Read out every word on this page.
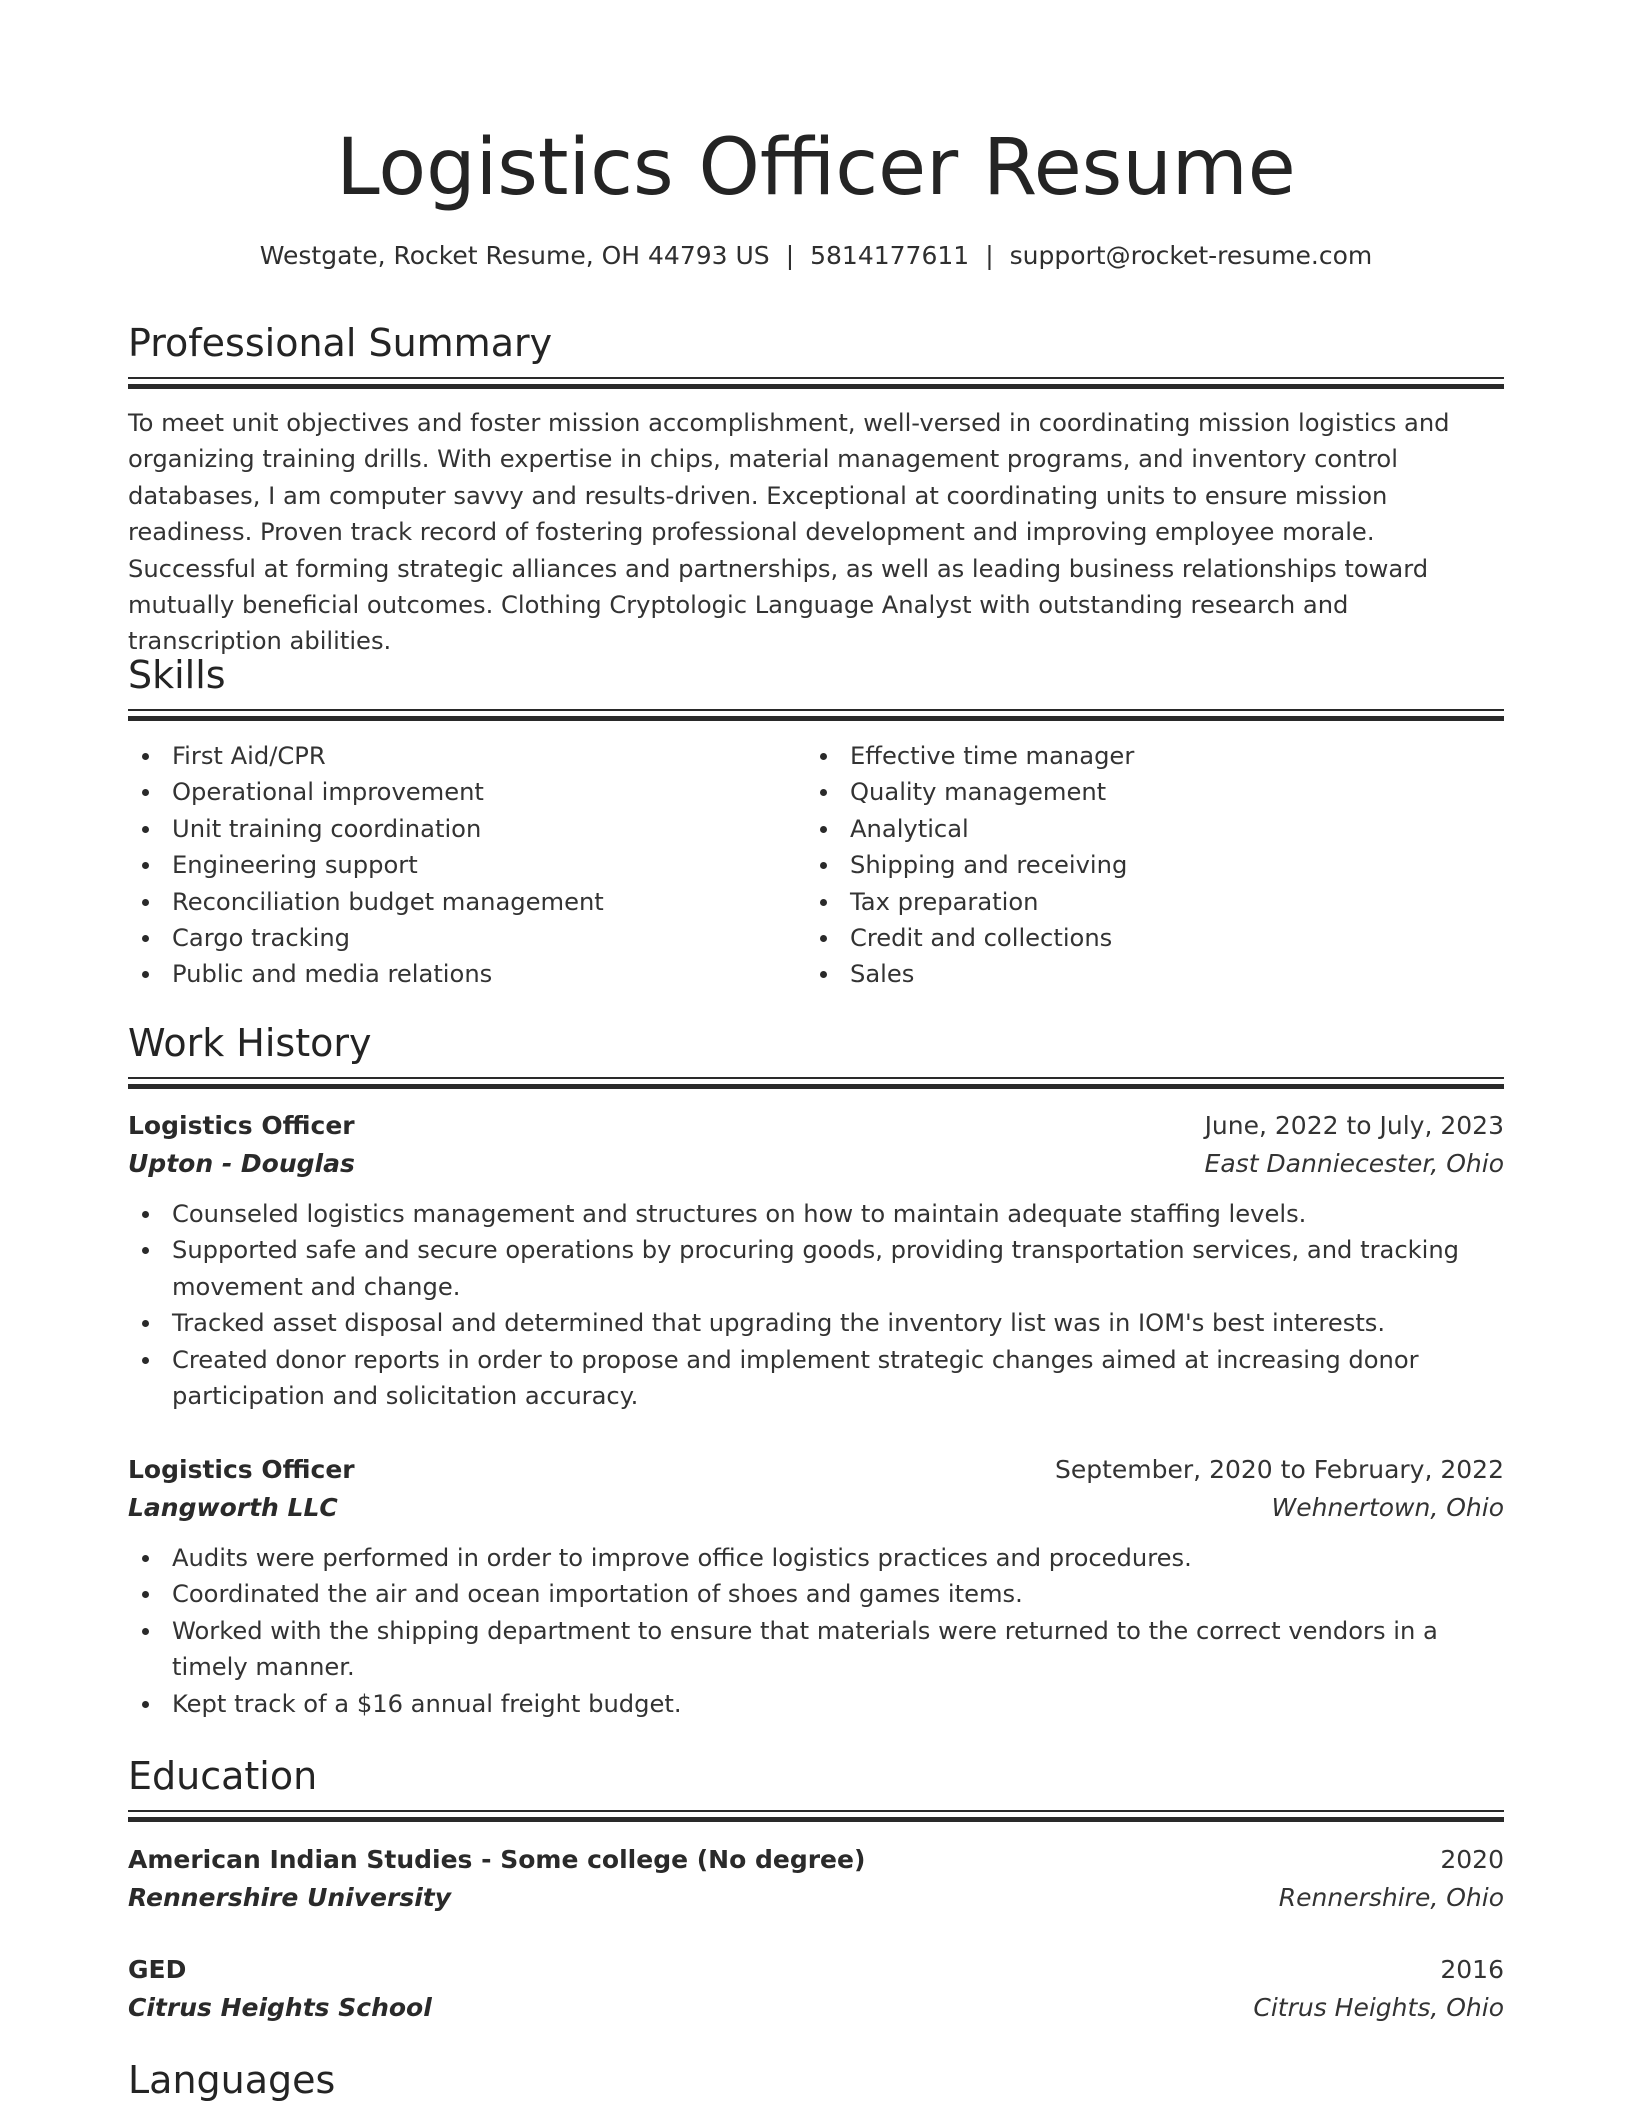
Logistics Officer Resume
Westgate, Rocket Resume, OH 44793 US | 5814177611 | support@rocket-resume.com
Professional Summary

To meet unit objectives and foster mission accomplishment, well-versed in coordinating mission logistics and organizing training drills. With expertise in chips, material management programs, and inventory control databases, I am computer savvy and results-driven. Exceptional at coordinating units to ensure mission readiness. Proven track record of fostering professional development and improving employee morale. Successful at forming strategic alliances and partnerships, as well as leading business relationships toward mutually beneficial outcomes. Clothing Cryptologic Language Analyst with outstanding research and transcription abilities.

Skills
First Aid/CPR
Operational improvement
Unit training coordination
Engineering support
Reconciliation budget management
Cargo tracking
Public and media relations
Effective time manager
Quality management
Analytical
Shipping and receiving
Tax preparation
Credit and collections
Sales
Work History
Logistics Officer	June, 2022 to July, 2023
Upton - Douglas	East Danniecester, Ohio
Counseled logistics management and structures on how to maintain adequate staffing levels.
Supported safe and secure operations by procuring goods, providing transportation services, and tracking movement and change.
Tracked asset disposal and determined that upgrading the inventory list was in IOM's best interests.
Created donor reports in order to propose and implement strategic changes aimed at increasing donor participation and solicitation accuracy.
Logistics Officer	September, 2020 to February, 2022
Langworth LLC	Wehnertown, Ohio
Audits were performed in order to improve office logistics practices and procedures.
Coordinated the air and ocean importation of shoes and games items.
Worked with the shipping department to ensure that materials were returned to the correct vendors in a timely manner.
Kept track of a $16 annual freight budget.
Education
American Indian Studies - Some college (No degree)	2020
Rennershire University	Rennershire, Ohio
GED	2016
Citrus Heights School	Citrus Heights, Ohio
Languages
